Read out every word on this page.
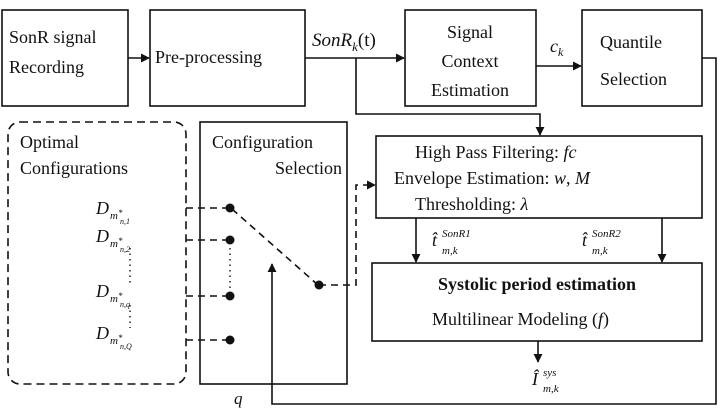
SonR signal
Recording	Pre-processing
Signal
Context
Estimation
Quantile
Selection
Optimal
Configurations
Configuration
Selection
High Pass Filtering: fc
Envelope Estimation: w, M
Thresholding: λ
Systolic period estimation
Multilinear Modeling (f)
SonR$_k$(t)	$c_k$
t̂ SonR1
m,k
t̂ SonR2
m,k
Î sys
m,k
q
D m*
n,1
D m*
n,2
D m*
n,q
D m*
n,Q
